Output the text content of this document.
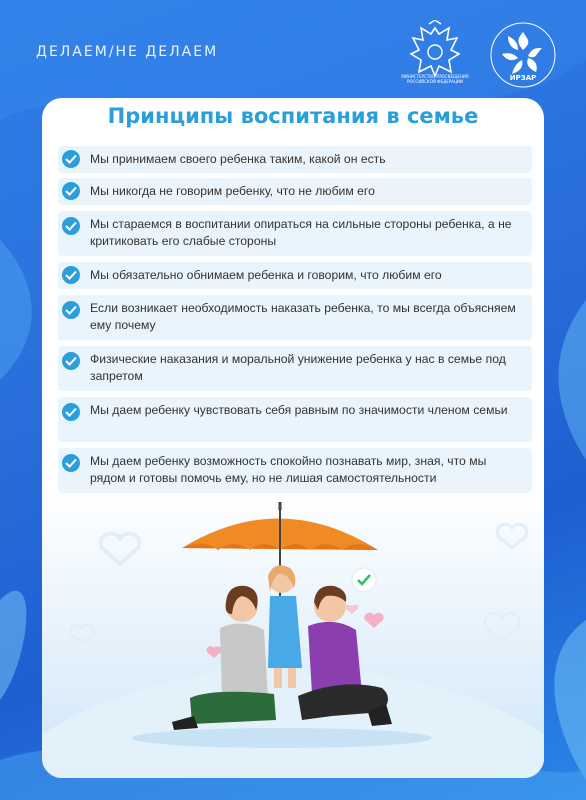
ДЕЛАЕМ/НЕ ДЕЛАЕМ
МИНИСТЕРСТВО ПРОСВЕЩЕНИЯ РОССИЙСКОЙ ФЕДЕРАЦИИ	ИРЗАР
Принципы воспитания в семье
Мы принимаем своего ребенка таким, какой он есть
Мы никогда не говорим ребенку, что не любим его
Мы стараемся в воспитании опираться на сильные стороны ребенка, а не критиковать его слабые стороны
Мы обязательно обнимаем ребенка и говорим, что любим его
Если возникает необходимость наказать ребенка, то мы всегда объясняем ему почему
Физические наказания и моральной унижение ребенка у нас в семье под запретом
Мы даем ребенку чувствовать себя равным по значимости членом семьи
Мы даем ребенку возможность спокойно познавать мир, зная, что мы рядом и готовы помочь ему, но не лишая самостоятельности
